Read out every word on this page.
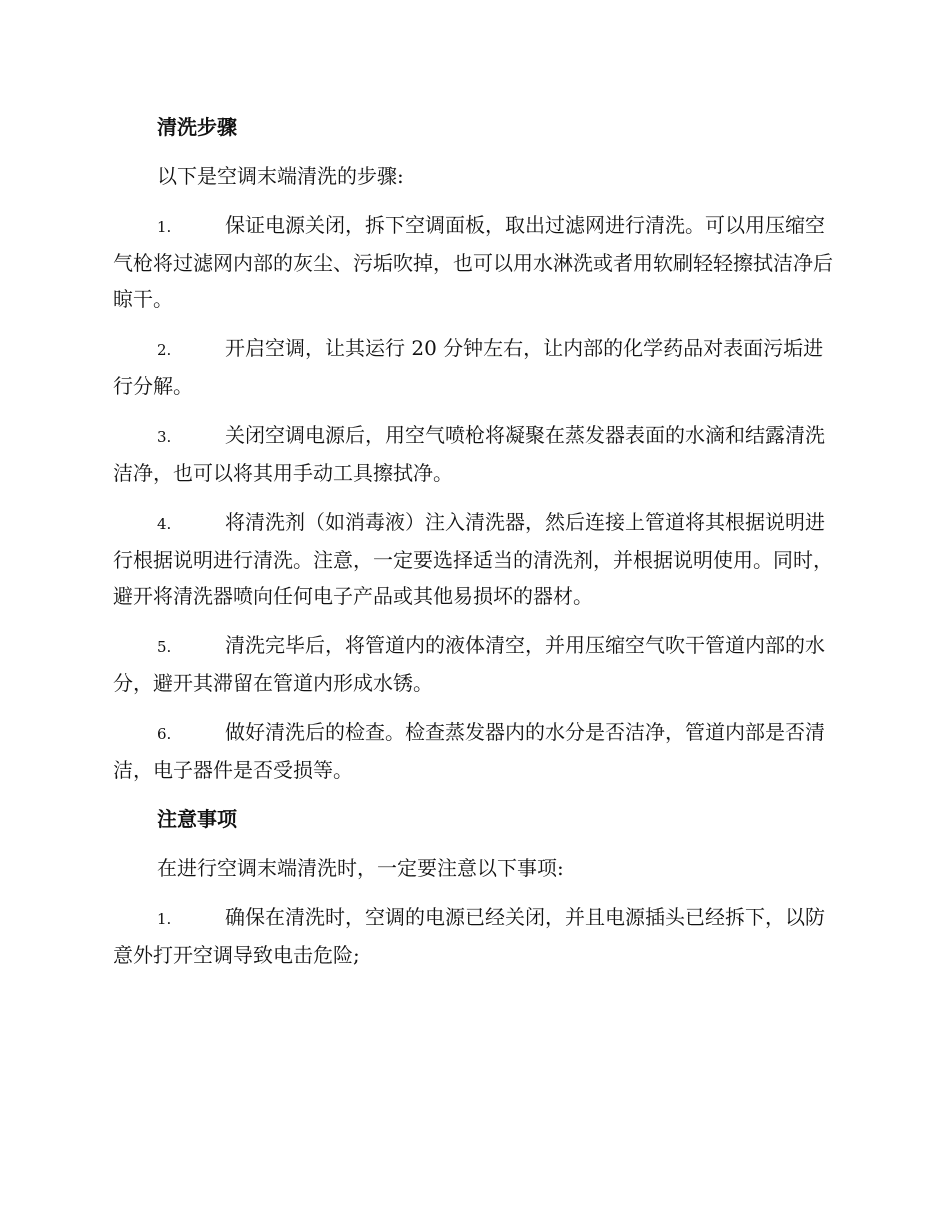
清洗步骤

以下是空调末端清洗的步骤:

1.	保证电源关闭，拆下空调面板，取出过滤网进行清洗。可以用压缩空气枪将过滤网内部的灰尘、污垢吹掉，也可以用水淋洗或者用软刷轻轻擦拭洁净后晾干。

2.	开启空调，让其运行 20 分钟左右，让内部的化学药品对表面污垢进行分解。

3.	关闭空调电源后，用空气喷枪将凝聚在蒸发器表面的水滴和结露清洗洁净，也可以将其用手动工具擦拭净。

4.	将清洗剂（如消毒液）注入清洗器，然后连接上管道将其根据说明进行根据说明进行清洗。注意，一定要选择适当的清洗剂，并根据说明使用。同时，避开将清洗器喷向任何电子产品或其他易损坏的器材。

5.	清洗完毕后，将管道内的液体清空，并用压缩空气吹干管道内部的水分，避开其滞留在管道内形成水锈。

6.	做好清洗后的检查。检查蒸发器内的水分是否洁净，管道内部是否清洁，电子器件是否受损等。

注意事项

在进行空调末端清洗时，一定要注意以下事项:

1.	确保在清洗时，空调的电源已经关闭，并且电源插头已经拆下，以防意外打开空调导致电击危险;
